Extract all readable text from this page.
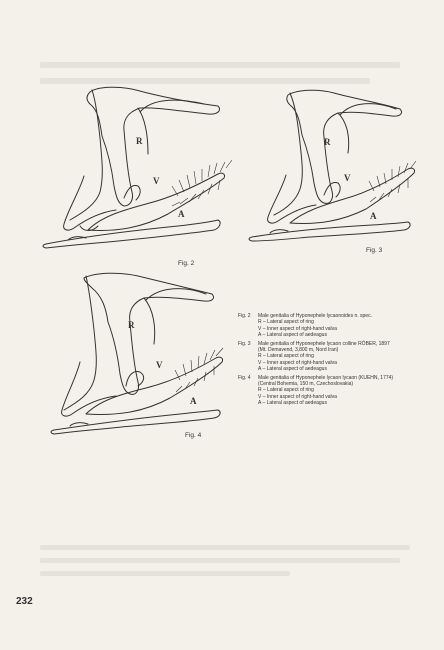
R
V
A
Fig. 2
R
V
A
Fig. 3
R
V
A
Fig. 4
Fig. 2	Male genitalia of Hyponephele lycaonoides n. spec.
R – Lateral aspect of ring
V – Inner aspect of right-hand valva
A – Lateral aspect of aedeagus
Fig. 3	Male genitalia of Hyponephele lycaon colline RÖBER, 1897
(Mt. Demavend, 3,800 m, Nord Iran)
R – Lateral aspect of ring
V – Inner aspect of right-hand valva
A – Lateral aspect of aedeagus
Fig. 4	Male genitalia of Hyponephele lycaon lycaon (KUEHN, 1774)
(Central Bohemia, 150 m, Czechoslovakia)
R – Lateral aspect of ring
V – Inner aspect of right-hand valva
A – Lateral aspect of aedeagus
232
